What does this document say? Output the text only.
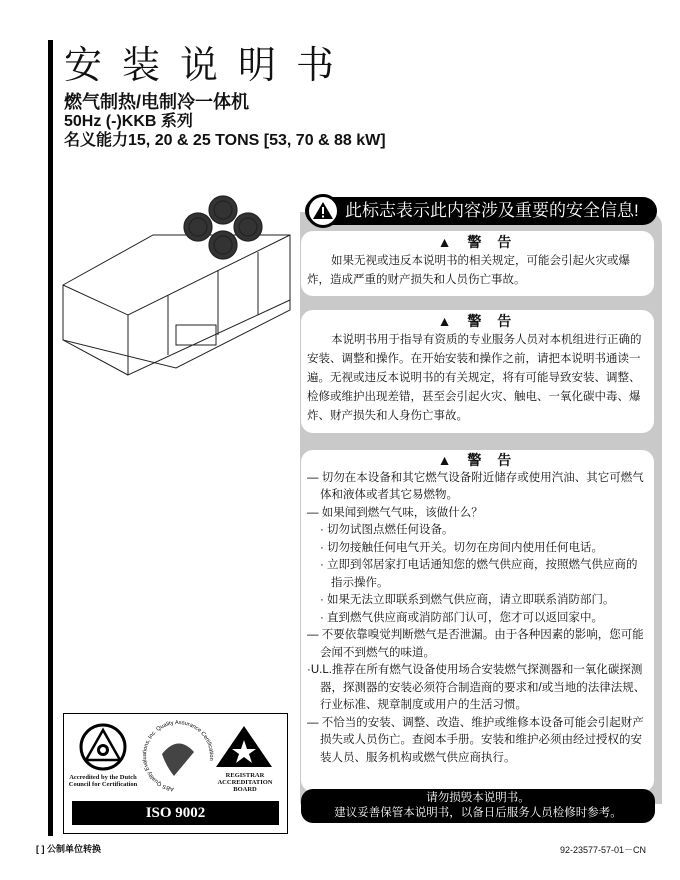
安装说明书
燃气制热/电制冷一体机
50Hz (-)KKB 系列
名义能力15, 20 & 25 TONS [53, 70 & 88 kW]
此标志表示此内容涉及重要的安全信息!
▲ 警 告

如果无视或违反本说明书的相关规定，可能会引起火灾或爆炸，造成严重的财产损失和人员伤亡事故。

▲ 警 告

本说明书用于指导有资质的专业服务人员对本机组进行正确的安装、调整和操作。在开始安装和操作之前，请把本说明书通读一遍。无视或违反本说明书的有关规定，将有可能导致安装、调整、检修或维护出现差错，甚至会引起火灾、触电、一氧化碳中毒、爆炸、财产损失和人身伤亡事故。

▲ 警 告

— 切勿在本设备和其它燃气设备附近储存或使用汽油、其它可燃气体和液体或者其它易燃物。

— 如果闻到燃气气味，该做什么？

· 切勿试图点燃任何设备。

· 切勿接触任何电气开关。切勿在房间内使用任何电话。

· 立即到邻居家打电话通知您的燃气供应商，按照燃气供应商的指示操作。

· 如果无法立即联系到燃气供应商，请立即联系消防部门。

· 直到燃气供应商或消防部门认可，您才可以返回家中。

— 不要依靠嗅觉判断燃气是否泄漏。由于各种因素的影响，您可能会闻不到燃气的味道。

·U.L.推荐在所有燃气设备使用场合安装燃气探测器和一氧化碳探测器，探测器的安装必须符合制造商的要求和/或当地的法律法规、行业标准、规章制度或用户的生活习惯。

— 不恰当的安装、调整、改造、维护或维修本设备可能会引起财产损失或人员伤亡。查阅本手册。安装和维护必须由经过授权的安装人员、服务机构或燃气供应商执行。

请勿损毁本说明书。
建议妥善保管本说明书，以备日后服务人员检修时参考。
Accredited by the Dutch Council for Certification
ABS Quality Evaluations, Inc. Quality Assurance Certification
REGISTRAR ACCREDITATION BOARD
ISO 9002
[ ] 公制单位转换	92-23577-57-01－CN
